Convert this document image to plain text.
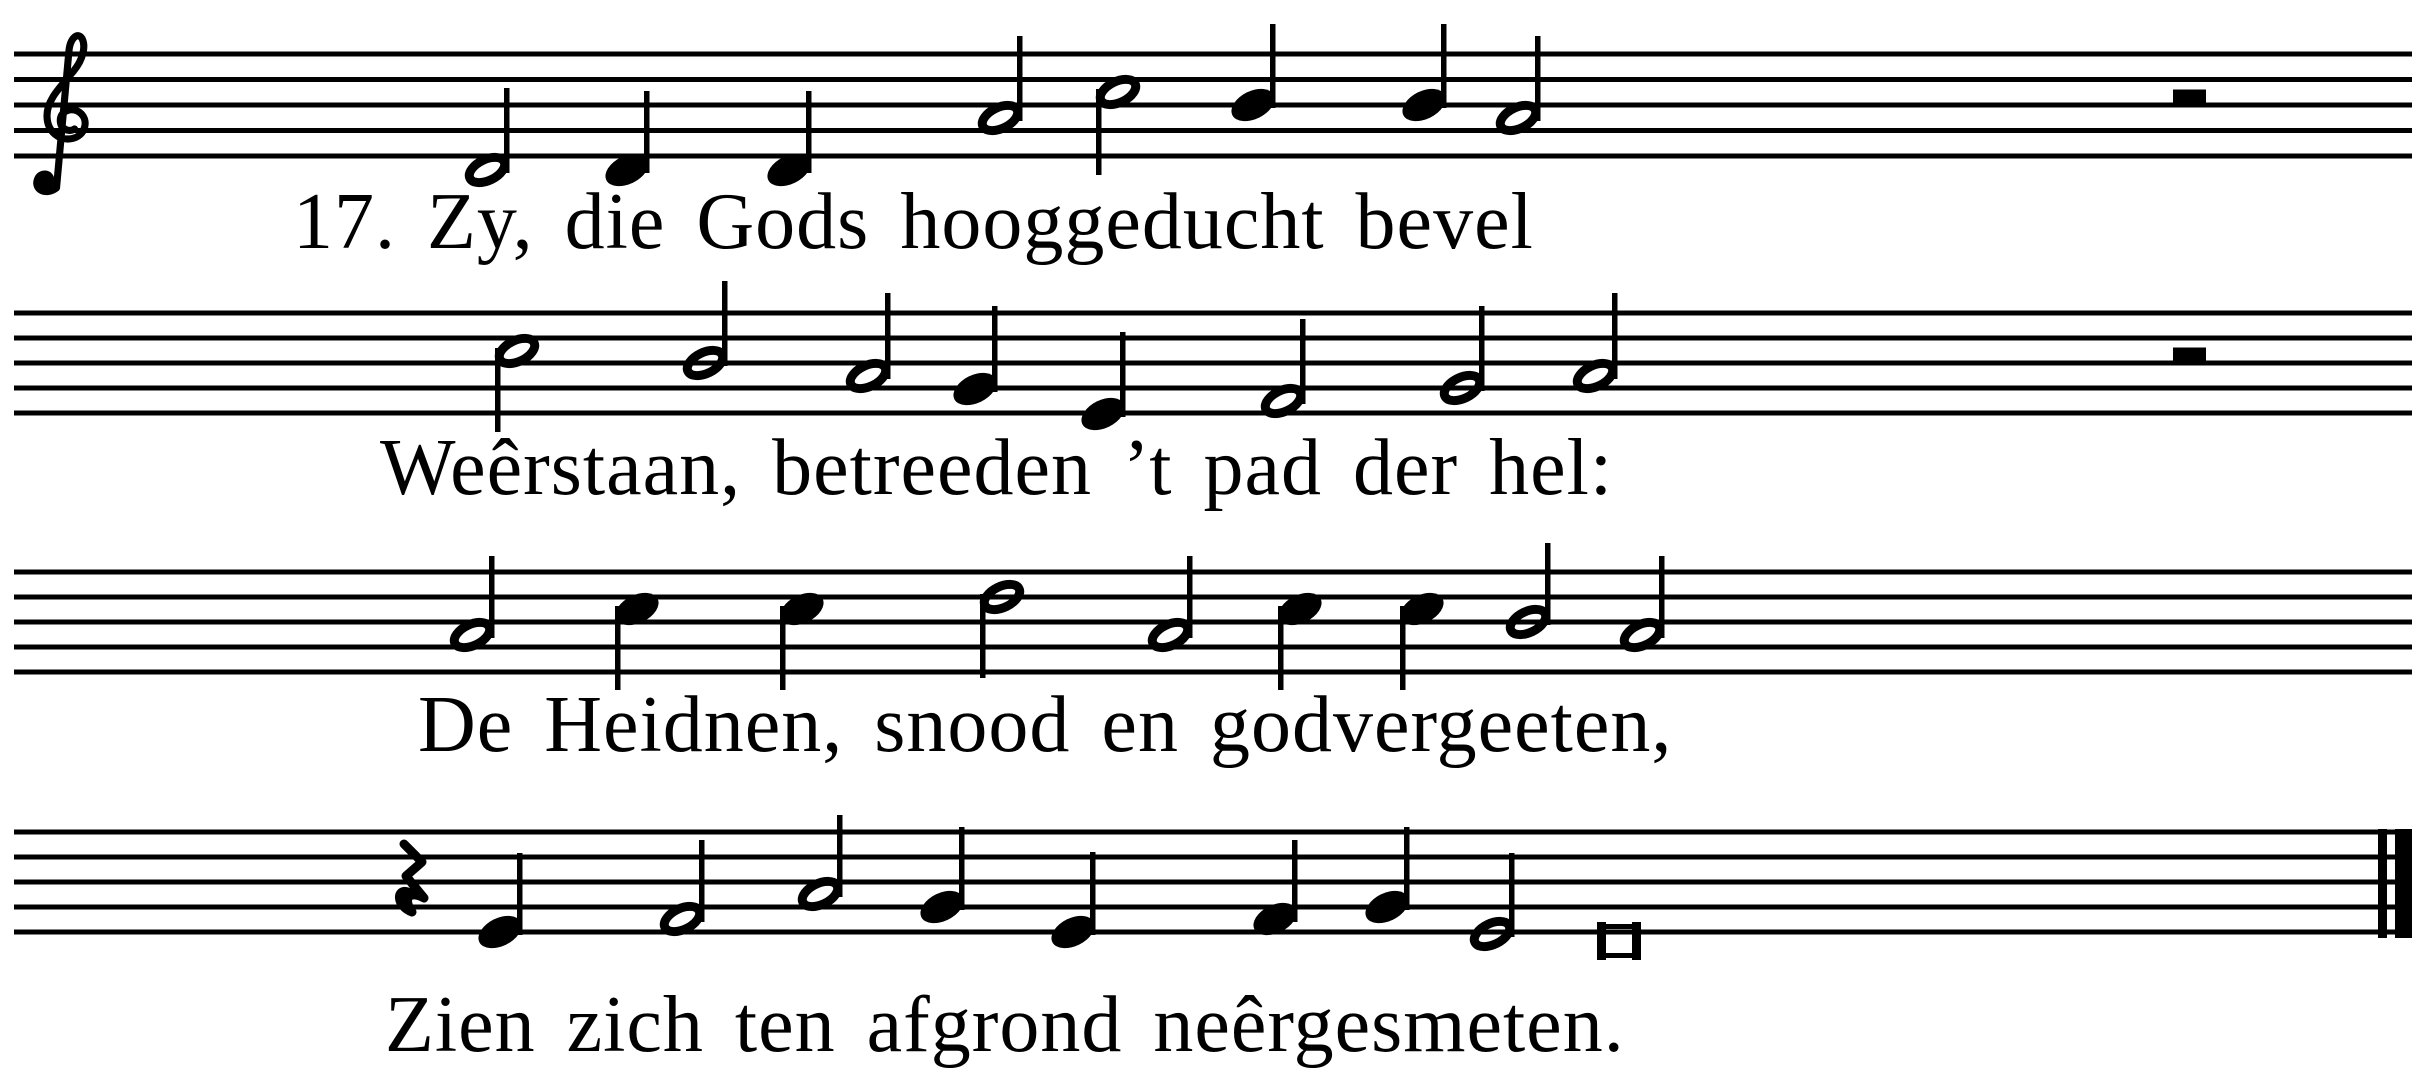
17. Zy, die Gods hooggeducht bevel
Weêrstaan, betreeden ’t pad der hel:
De Heidnen, snood en godvergeeten,
Zien zich ten afgrond neêrgesmeten.
